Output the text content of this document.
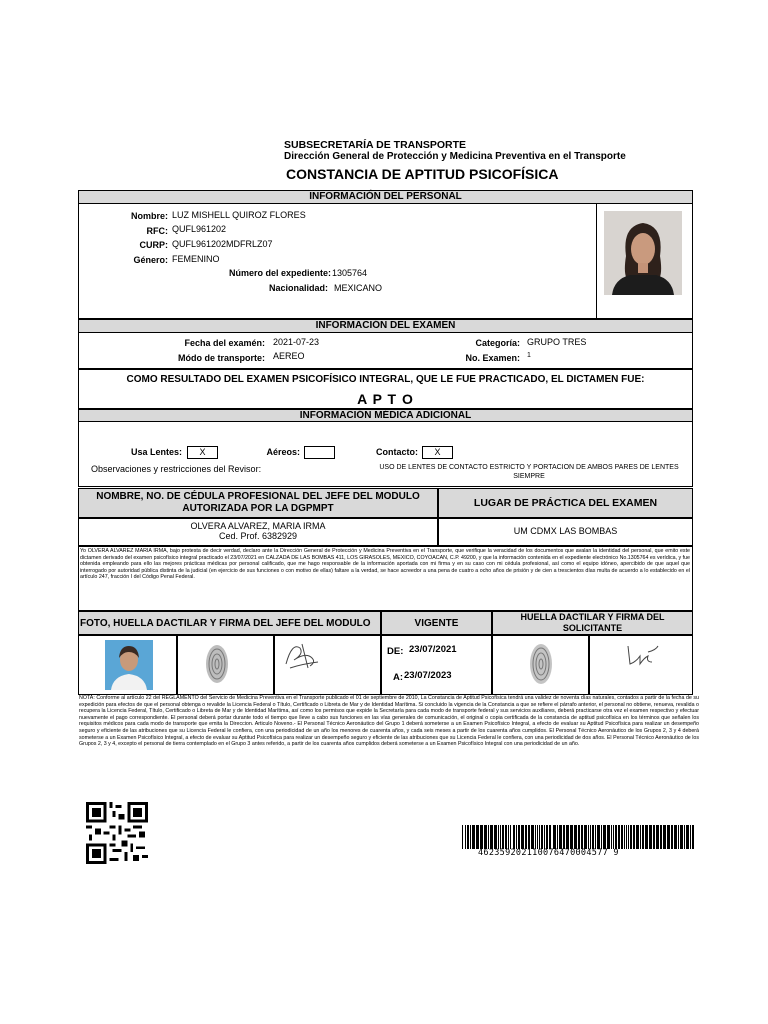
SUBSECRETARÍA DE TRANSPORTE
Dirección General de Protección y Medicina Preventiva en el Transporte
CONSTANCIA DE APTITUD PSICOFÍSICA
INFORMACIÓN DEL PERSONAL
Nombre: LUZ MISHELL QUIROZ FLORES
RFC: QUFL961202
CURP: QUFL961202MDFRLZ07
Género: FEMENINO
Número del expediente: 1305764
Nacionalidad: MEXICANO
INFORMACIÓN DEL EXAMEN
Fecha del examén: 2021-07-23
Módo de transporte: AEREO
Categoría: GRUPO TRES
No. Examen: 1
COMO RESULTADO DEL EXAMEN PSICOFÍSICO INTEGRAL, QUE LE FUE PRACTICADO, EL DICTAMEN FUE:
A P T O
INFORMACIÓN MÉDICA ADICIONAL
Usa Lentes:	X	Aéreos:	Contacto:	X
Observaciones y restricciones del Revisor:	USO DE LENTES DE CONTACTO ESTRICTO Y PORTACION DE AMBOS PARES DE LENTES SIEMPRE
NOMBRE, NO. DE CÉDULA PROFESIONAL DEL JEFE DEL MODULO AUTORIZADA POR LA DGPMPT	LUGAR DE PRÁCTICA DEL EXAMEN
OLVERA ALVAREZ, MARIA IRMA
Ced. Prof. 6382929	UM CDMX LAS BOMBAS
Yo OLVERA ALVAREZ MARIA IRMA, bajo protesta de decir verdad, declaro ante la Dirección General de Protección y Medicina Preventiva en el Transporte, que verifique la veracidad de los documentos que avalan la identidad del personal, que emito este dictamen derivado del examen psicofísico integral practicado el 23/07/2021 en CALZADA DE LAS BOMBAS 411, LOS GIRASOLES, MEXICO, COYOACAN, C.P. 49200, y que la información contenida en el expediente electrónico No.1305764 es verídica, y fue obtenida empleando para ello las mejores prácticas médicas por personal calificado, que me hago responsable de la información aportada con mi firma y en su caso con mi cédula profesional, así como el equipo idóneo, apercibido de que aquel que interrogado por autoridad pública distinta de la judicial (en ejercicio de sus funciones o con motivo de ellas) faltare a la verdad, se hace acreedor a una pena de cuatro a ocho años de prisión y de cien a trescientos días multa de acuerdo a lo establecido en el artículo 247, fracción I del Código Penal Federal.
FOTO, HUELLA DACTILAR Y FIRMA DEL JEFE DEL MODULO	VIGENTE
HUELLA DACTILAR Y FIRMA DEL SOLICITANTE
DE: 23/07/2021
A: 23/07/2023
NOTA: Conforme al artículo 22 del REGLAMENTO del Servicio de Medicina Preventiva en el Transporte publicado el 01 de septiembre de 2010, La Constancia de Aptitud Psicofísica tendrá una validez de noventa días naturales, contados a partir de la fecha de su expedición para efectos de que el personal obtenga o revalide la Licencia Federal o Título, Certificado o Libreta de Mar y de Identidad Marítima. Si concluido la vigencia de la Constancia a que se refiere el párrafo anterior, el personal no obtiene, renueva, revalida o recupera la Licencia Federal, Título, Certificado o Libreta de Mar y de Identidad Marítima, así como los permisos que expide la Secretaría para cada modo de transporte federal y sus servicios auxiliares, deberá practicarse otra vez el examen respectivo y efectuar nuevamente el pago correspondiente. El personal deberá portar durante todo el tiempo que lleve a cabo sus funciones en las vías generales de comunicación, el original o copia certificada de la constancia de aptitud psicofísica en los términos que señalen los requisitos médicos para cada modo de transporte que emita la Direccion. Articulo Noveno.- El Personal Técnico Aeronáutico del Grupo 1 deberá someterse a un Examen Psicofísico Integral, a efecto de evaluar su Aptitud Psicofísica para realizar un desempeño seguro y eficiente de las atribuciones que su Licencia Federal le confiera, con una periodicidad de un año los menores de cuarenta años, y cada seis meses a partir de los cuarenta años cumplidos. El Personal Técnico Aeronáutico de los Grupos 2, 3 y 4 deberá someterse a un Examen Psicofísico Integral, a efecto de evaluar su Aptitud Psicofísica para realizar un desempeño seguro y eficiente de las atribuciones que su Licencia Federal le confiera, con una periodicidad de dos años. El Personal Técnico Aeronáutico de los Grupos 2, 3 y 4, excepto el personal de tierra contemplado en el Grupo 3 antes referido, a partir de los cuarenta años cumplidos deberá someterse a un Examen Psicofísico Integral con una periodicidad de un año.
462359202110076470004577 9
